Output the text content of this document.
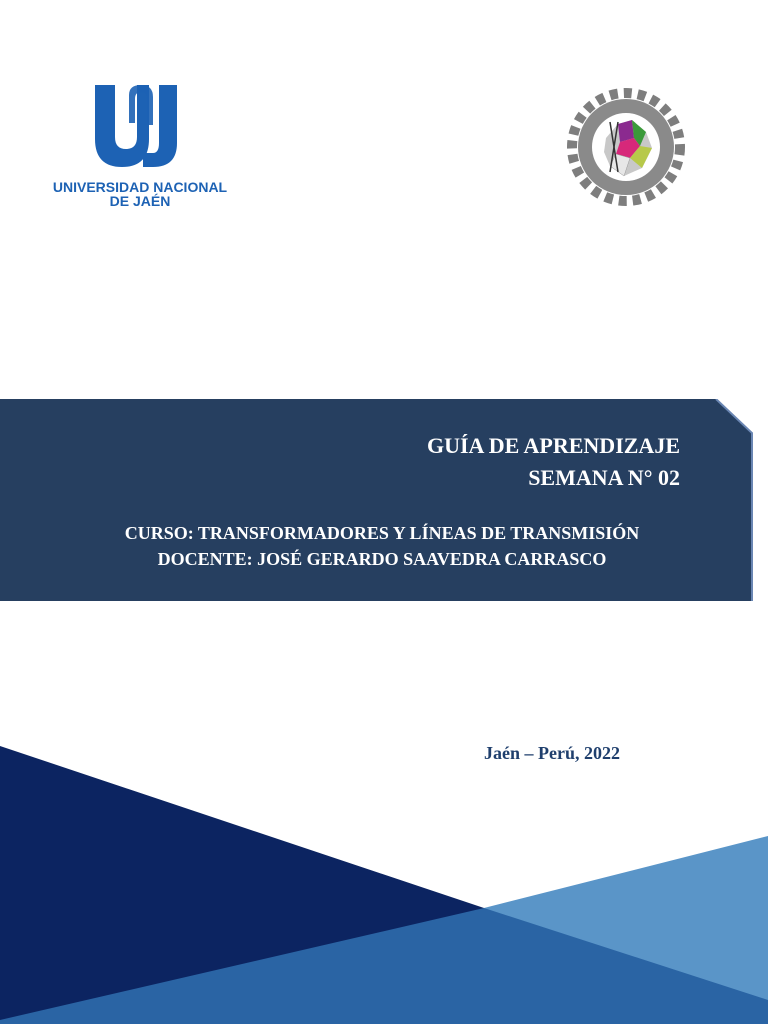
UNIVERSIDAD NACIONAL
DE JAÉN
GUÍA DE APRENDIZAJE
SEMANA N° 02
CURSO: TRANSFORMADORES Y LÍNEAS DE TRANSMISIÓN
DOCENTE: JOSÉ GERARDO SAAVEDRA CARRASCO
Jaén – Perú, 2022
